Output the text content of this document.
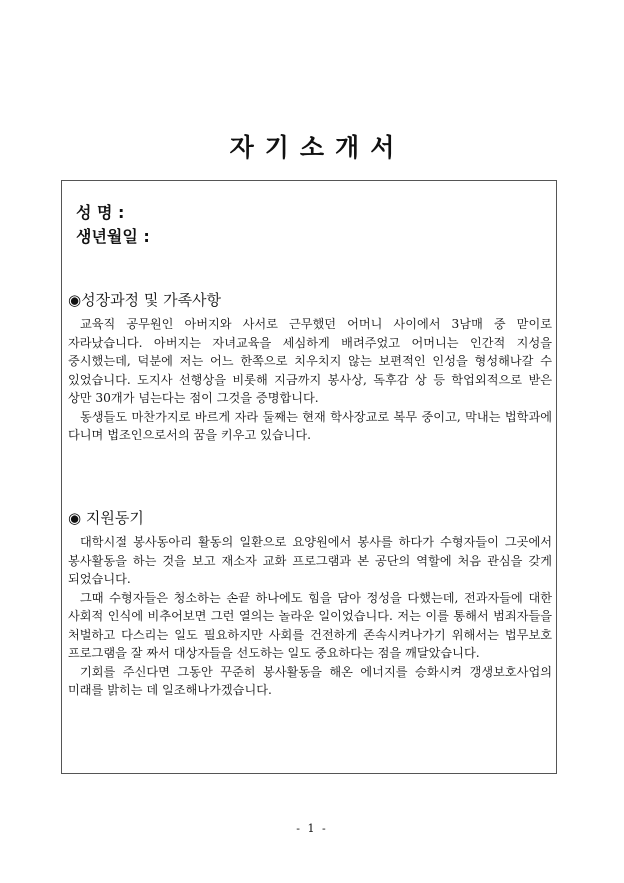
자기소개서
성 명 :
생년월일 :
◉성장과정 및 가족사항

교육직 공무원인 아버지와 사서로 근무했던 어머니 사이에서 3남매 중 맏이로 자라났습니다. 아버지는 자녀교육을 세심하게 배려주었고 어머니는 인간적 지성을 중시했는데, 덕분에 저는 어느 한쪽으로 치우치지 않는 보편적인 인성을 형성해나갈 수 있었습니다. 도지사 선행상을 비롯해 지금까지 봉사상, 독후감 상 등 학업외적으로 받은 상만 30개가 넘는다는 점이 그것을 증명합니다.

동생들도 마찬가지로 바르게 자라 둘째는 현재 학사장교로 복무 중이고, 막내는 법학과에 다니며 법조인으로서의 꿈을 키우고 있습니다.

◉ 지원동기

대학시절 봉사동아리 활동의 일환으로 요양원에서 봉사를 하다가 수형자들이 그곳에서 봉사활동을 하는 것을 보고 재소자 교화 프로그램과 본 공단의 역할에 처음 관심을 갖게 되었습니다.

그때 수형자들은 청소하는 손끝 하나에도 힘을 담아 정성을 다했는데, 전과자들에 대한 사회적 인식에 비추어보면 그런 열의는 놀라운 일이었습니다. 저는 이를 통해서 범죄자들을 처벌하고 다스리는 일도 필요하지만 사회를 건전하게 존속시켜나가기 위해서는 법무보호 프로그램을 잘 짜서 대상자들을 선도하는 일도 중요하다는 점을 깨달았습니다.

기회를 주신다면 그동안 꾸준히 봉사활동을 해온 에너지를 승화시켜 갱생보호사업의 미래를 밝히는 데 일조해나가겠습니다.

- 1 -
